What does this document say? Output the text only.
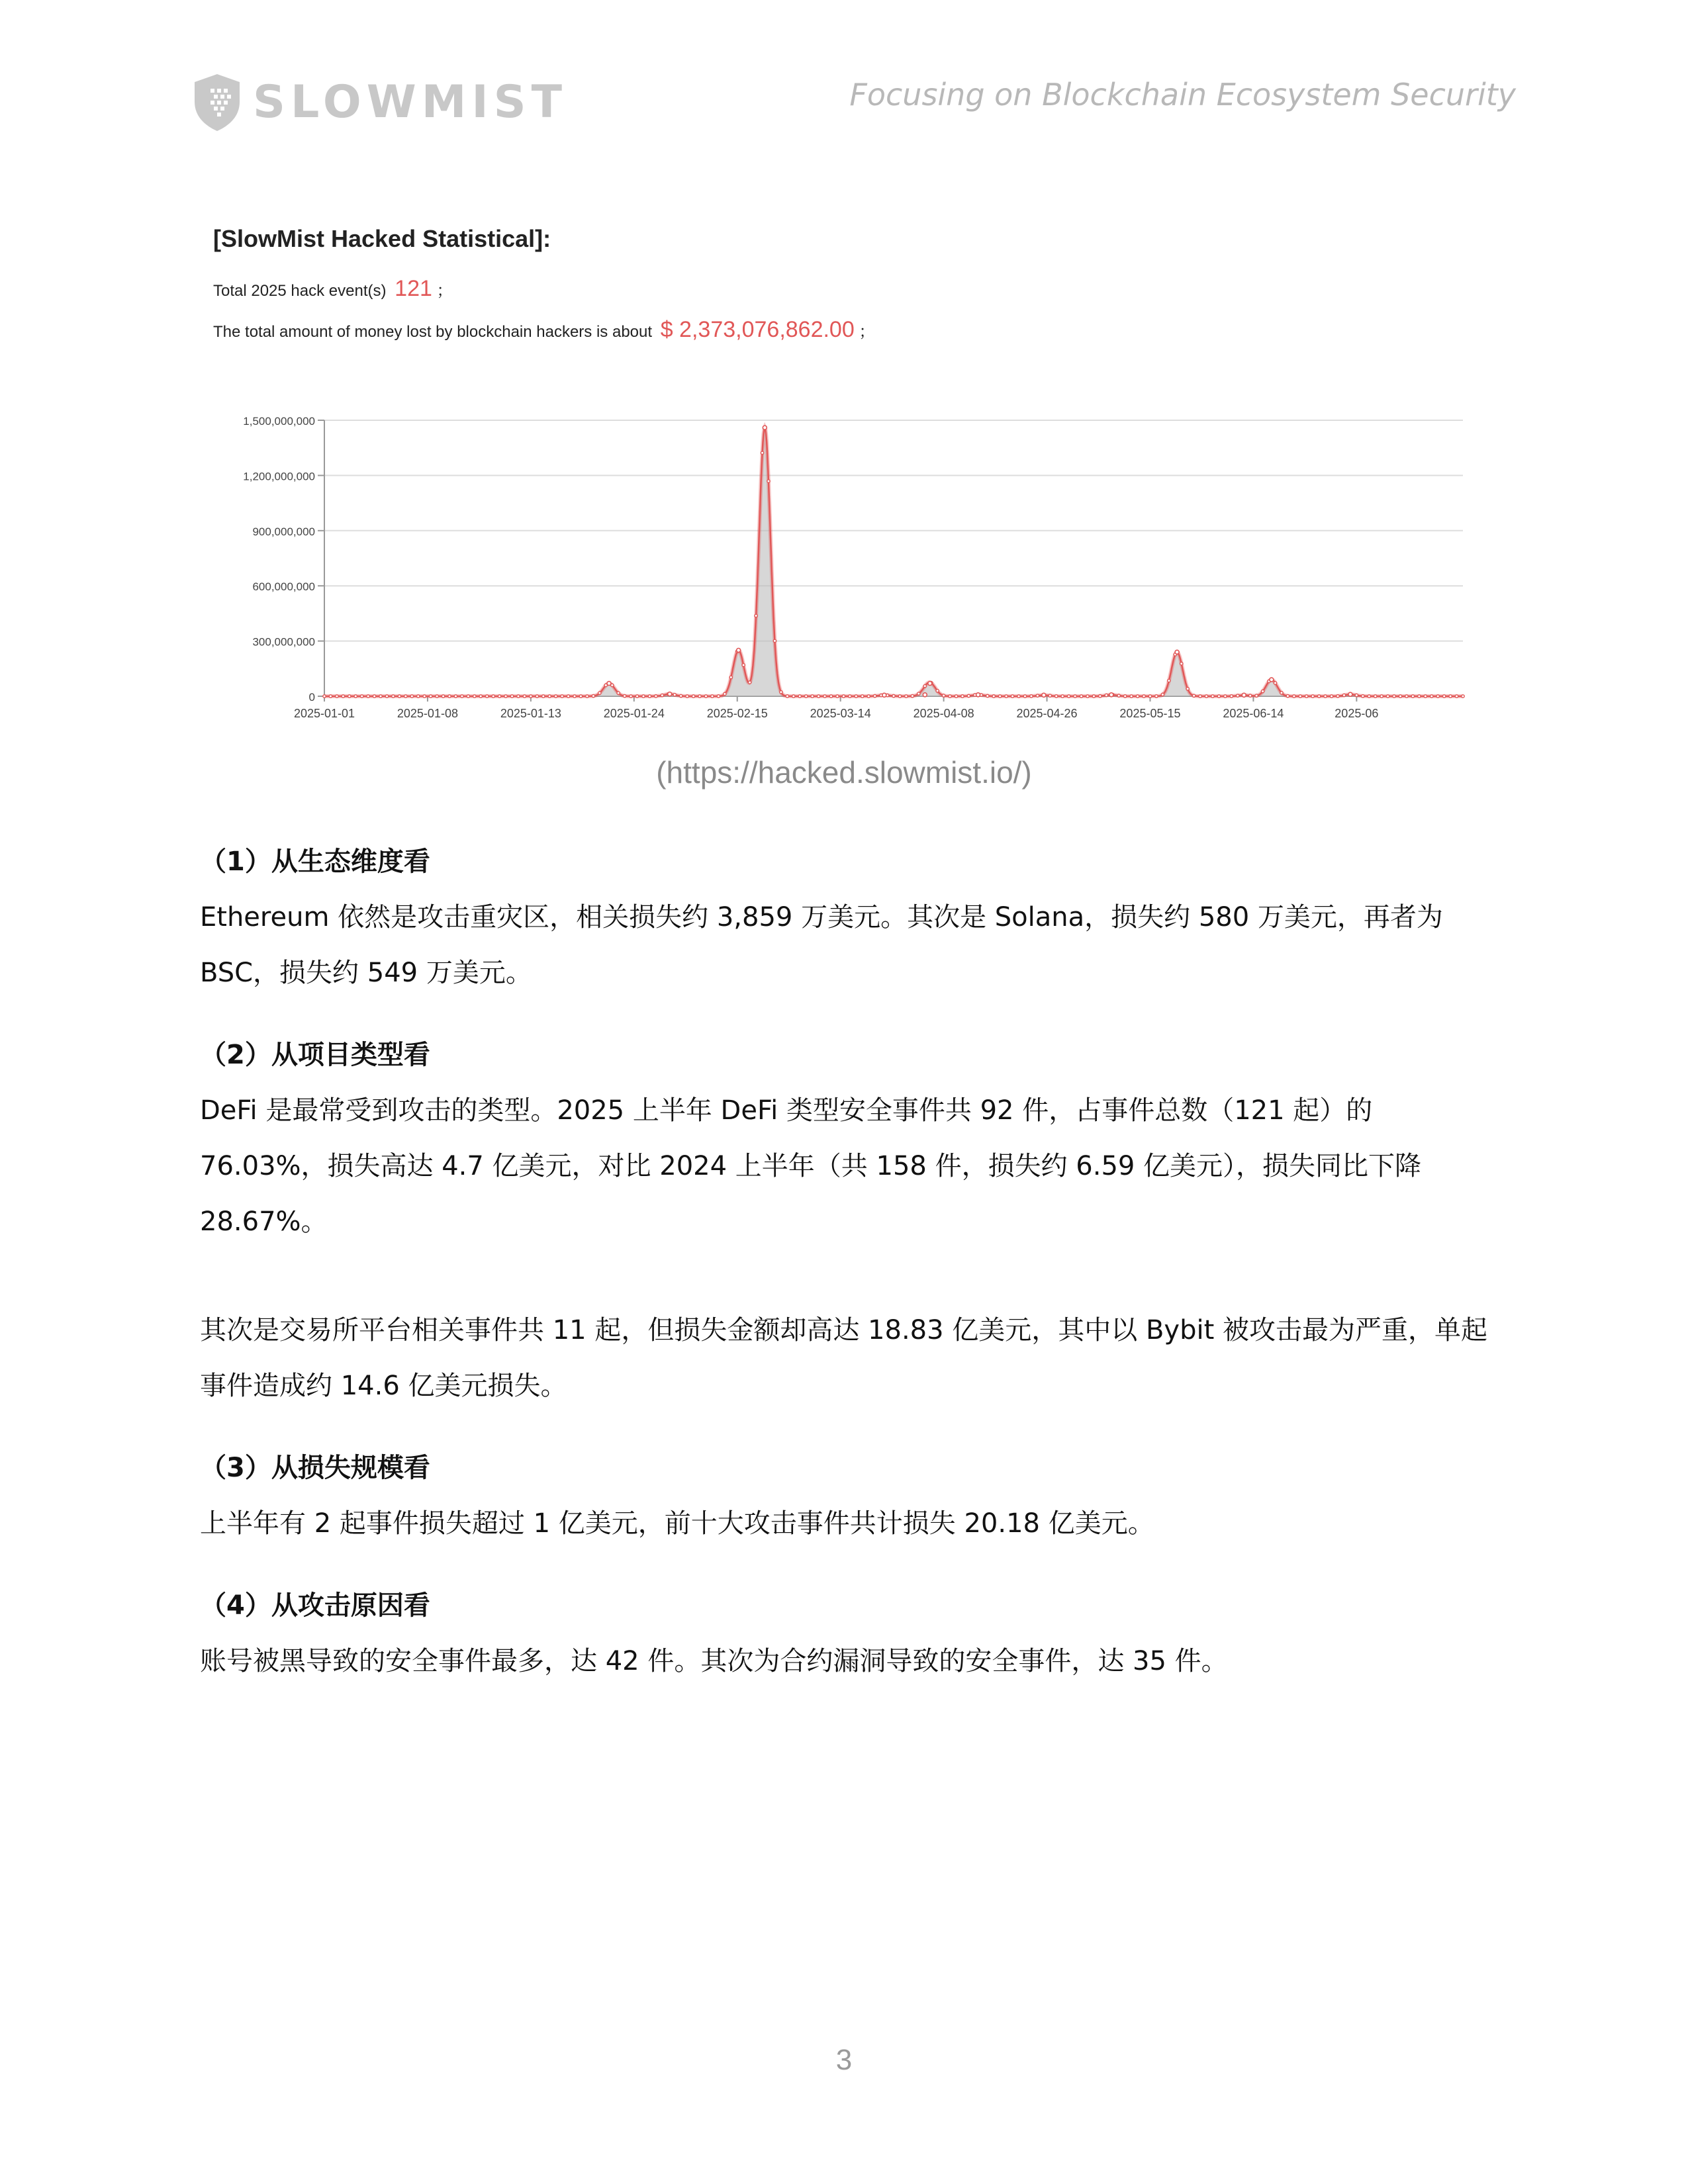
SLOWMIST	Focusing on Blockchain Ecosystem Security
[SlowMist Hacked Statistical]:
Total 2025 hack event(s) 121 ；
The total amount of money lost by blockchain hackers is about $ 2,373,076,862.00 ；
0
300,000,000
600,000,000
900,000,000
1,200,000,000
1,500,000,000
2025-01-01	2025-01-08	2025-01-13	2025-01-24	2025-02-15	2025-03-14	2025-04-08	2025-04-26	2025-05-15	2025-06-14	2025-06
(https://hacked.slowmist.io/)
（1）从生态维度看

Ethereum 依然是攻击重灾区，相关损失约 3,859 万美元。其次是 Solana，损失约 580 万美元，再者为 BSC，损失约 549 万美元。

（2）从项目类型看

DeFi 是最常受到攻击的类型。2025 上半年 DeFi 类型安全事件共 92 件，占事件总数（121 起）的 76.03%，损失高达 4.7 亿美元，对比 2024 上半年（共 158 件，损失约 6.59 亿美元），损失同比下降 28.67%。

其次是交易所平台相关事件共 11 起，但损失金额却高达 18.83 亿美元，其中以 Bybit 被攻击最为严重，单起事件造成约 14.6 亿美元损失。

（3）从损失规模看

上半年有 2 起事件损失超过 1 亿美元，前十大攻击事件共计损失 20.18 亿美元。

（4）从攻击原因看

账号被黑导致的安全事件最多，达 42 件。其次为合约漏洞导致的安全事件，达 35 件。

3
